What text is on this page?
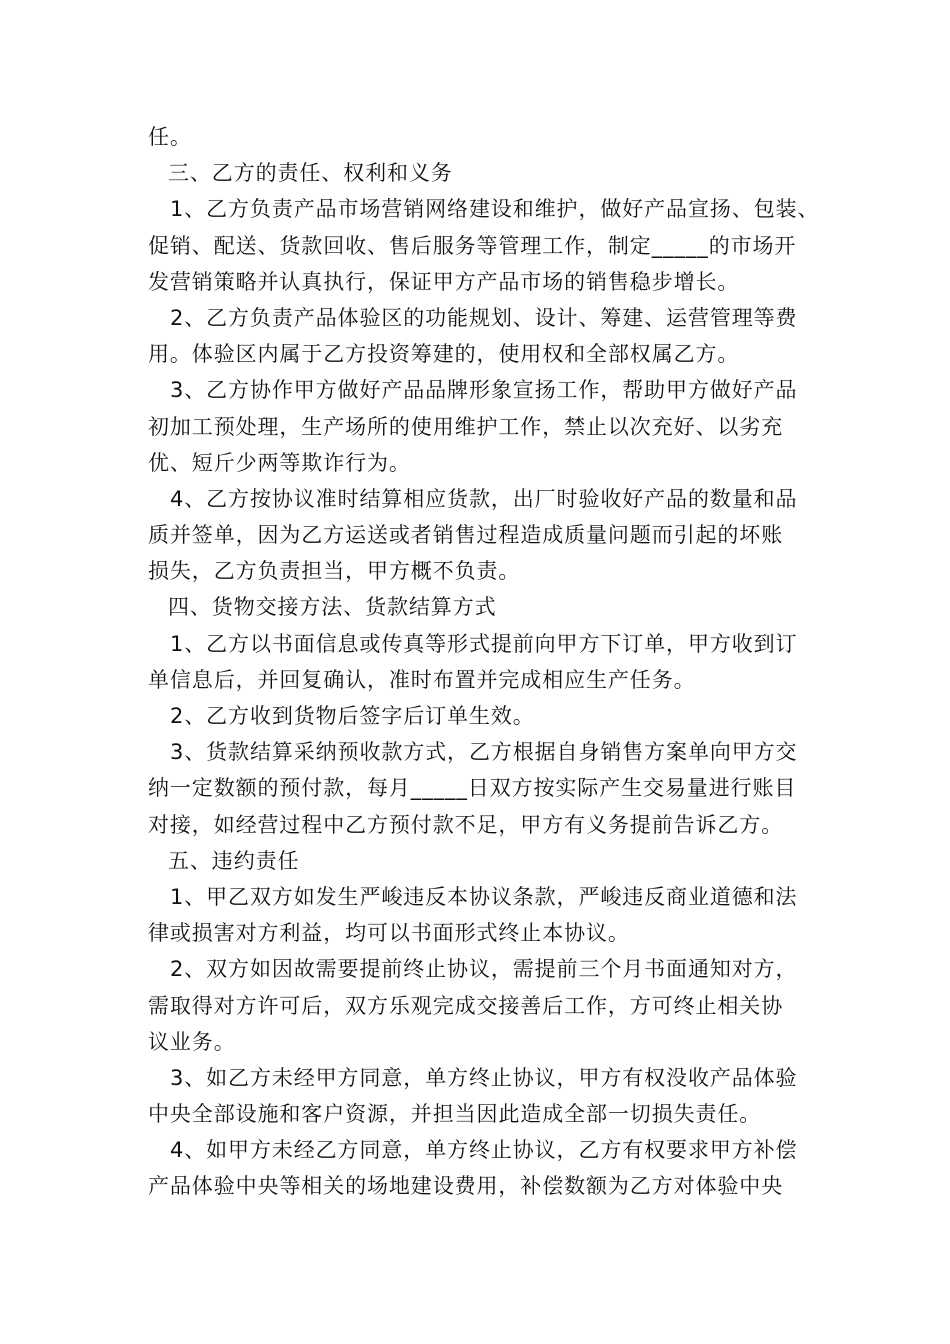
任。
三、乙方的责任、权利和义务
1、乙方负责产品市场营销网络建设和维护，做好产品宣扬、包装、
促销、配送、货款回收、售后服务等管理工作，制定_____的市场开
发营销策略并认真执行，保证甲方产品市场的销售稳步增长。
2、乙方负责产品体验区的功能规划、设计、筹建、运营管理等费
用。体验区内属于乙方投资筹建的，使用权和全部权属乙方。
3、乙方协作甲方做好产品品牌形象宣扬工作，帮助甲方做好产品
初加工预处理，生产场所的使用维护工作，禁止以次充好、以劣充
优、短斤少两等欺诈行为。
4、乙方按协议准时结算相应货款，出厂时验收好产品的数量和品
质并签单，因为乙方运送或者销售过程造成质量问题而引起的坏账
损失，乙方负责担当，甲方概不负责。
四、货物交接方法、货款结算方式
1、乙方以书面信息或传真等形式提前向甲方下订单，甲方收到订
单信息后，并回复确认，准时布置并完成相应生产任务。
2、乙方收到货物后签字后订单生效。
3、货款结算采纳预收款方式，乙方根据自身销售方案单向甲方交
纳一定数额的预付款，每月_____日双方按实际产生交易量进行账目
对接，如经营过程中乙方预付款不足，甲方有义务提前告诉乙方。
五、违约责任
1、甲乙双方如发生严峻违反本协议条款，严峻违反商业道德和法
律或损害对方利益，均可以书面形式终止本协议。
2、双方如因故需要提前终止协议，需提前三个月书面通知对方，
需取得对方许可后，双方乐观完成交接善后工作，方可终止相关协
议业务。
3、如乙方未经甲方同意，单方终止协议，甲方有权没收产品体验
中央全部设施和客户资源，并担当因此造成全部一切损失责任。
4、如甲方未经乙方同意，单方终止协议，乙方有权要求甲方补偿
产品体验中央等相关的场地建设费用，补偿数额为乙方对体验中央
